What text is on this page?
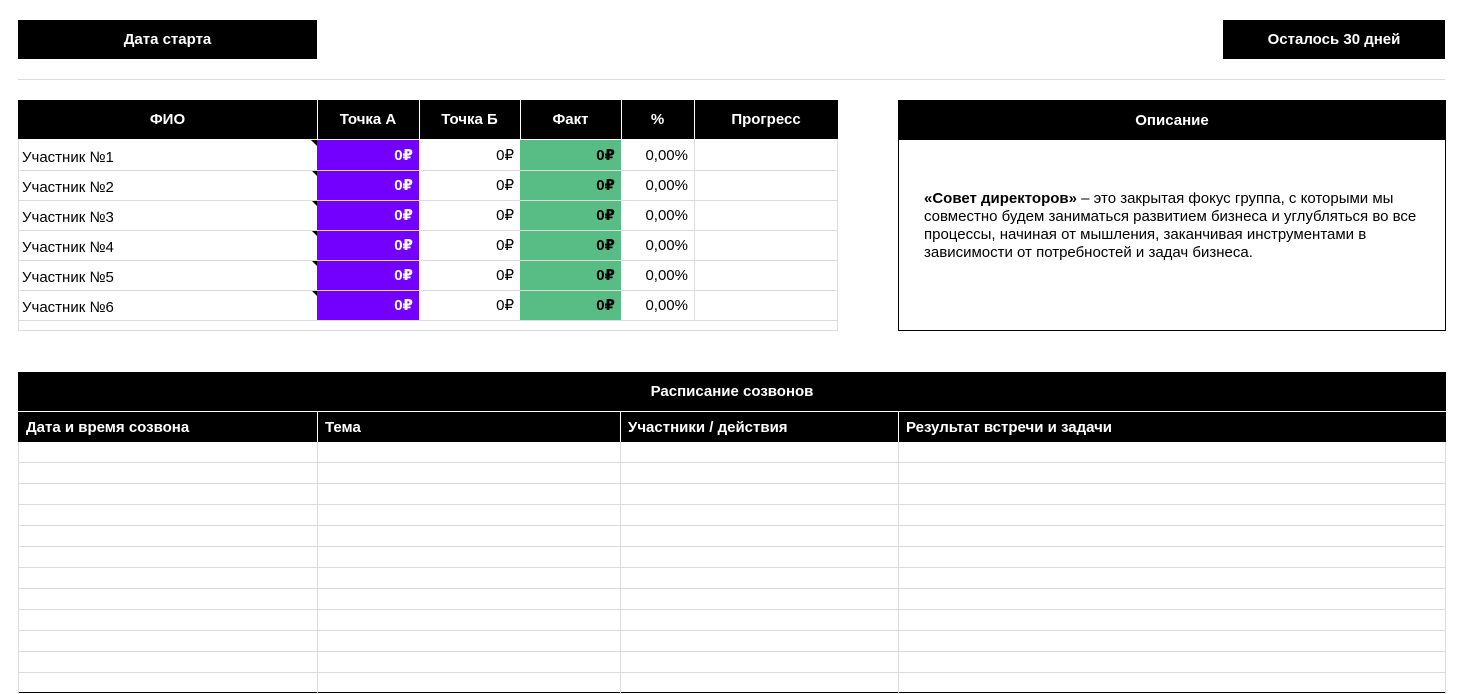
Дата старта	Осталось 30 дней
ФИО	Точка А	Точка Б	Факт	%	Прогресс
Участник №1	0₽	0₽	0₽	0,00%
Участник №2	0₽	0₽	0₽	0,00%
Участник №3	0₽	0₽	0₽	0,00%
Участник №4	0₽	0₽	0₽	0,00%
Участник №5	0₽	0₽	0₽	0,00%
Участник №6	0₽	0₽	0₽	0,00%
Описание
«Совет директоров» – это закрытая фокус группа, с которыми мы совместно будем заниматься развитием бизнеса и углубляться во все процессы, начиная от мышления, заканчивая инструментами в зависимости от потребностей и задач бизнеса.
Расписание созвонов
Дата и время созвона	Тема	Участники / действия	Результат встречи и задачи
